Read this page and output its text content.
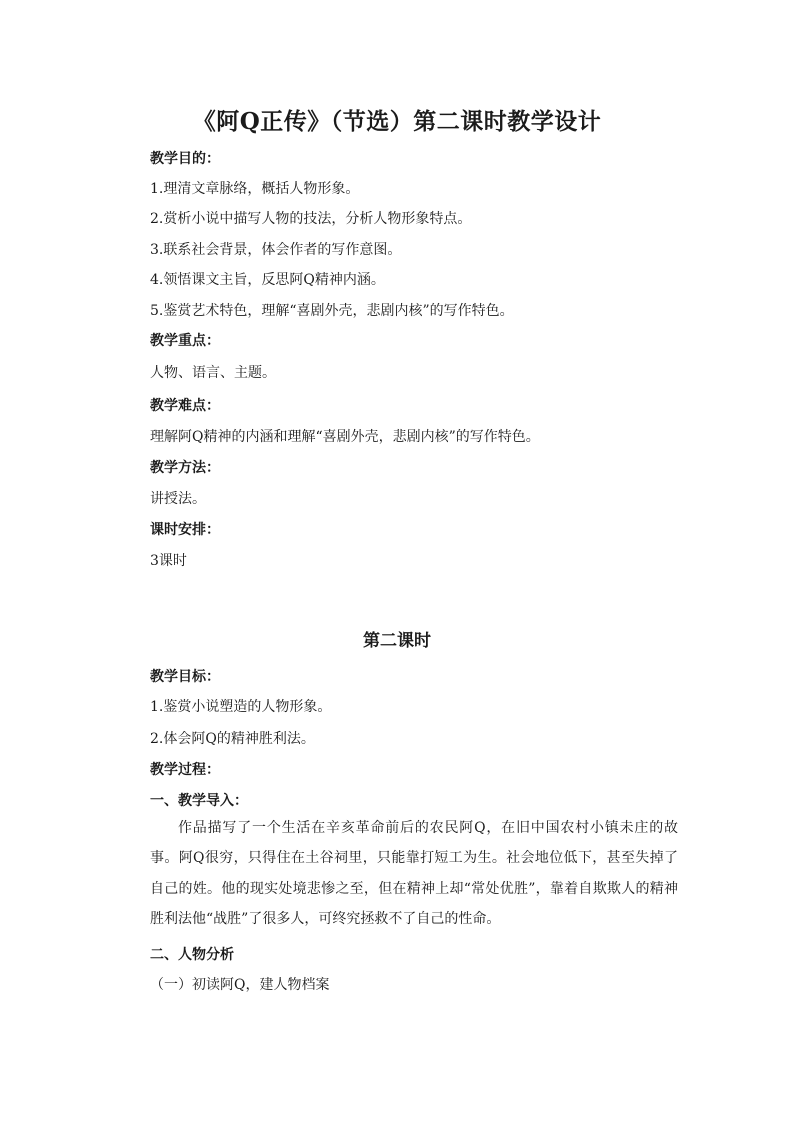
《阿Q正传》（节选）第二课时教学设计
教学目的：
1.理清文章脉络，概括人物形象。
2.赏析小说中描写人物的技法，分析人物形象特点。
3.联系社会背景，体会作者的写作意图。
4.领悟课文主旨，反思阿Q精神内涵。
5.鉴赏艺术特色，理解“喜剧外壳，悲剧内核”的写作特色。
教学重点：
人物、语言、主题。
教学难点：
理解阿Q精神的内涵和理解“喜剧外壳，悲剧内核”的写作特色。
教学方法：
讲授法。
课时安排：
3课时
第二课时
教学目标：
1.鉴赏小说塑造的人物形象。
2.体会阿Q的精神胜利法。
教学过程：
一、教学导入：

作品描写了一个生活在辛亥革命前后的农民阿Q，在旧中国农村小镇未庄的故事。阿Q很穷，只得住在土谷祠里，只能靠打短工为生。社会地位低下，甚至失掉了自己的姓。他的现实处境悲惨之至，但在精神上却“常处优胜”，靠着自欺欺人的精神胜利法他“战胜”了很多人，可终究拯救不了自己的性命。

二、人物分析
（一）初读阿Q，建人物档案
